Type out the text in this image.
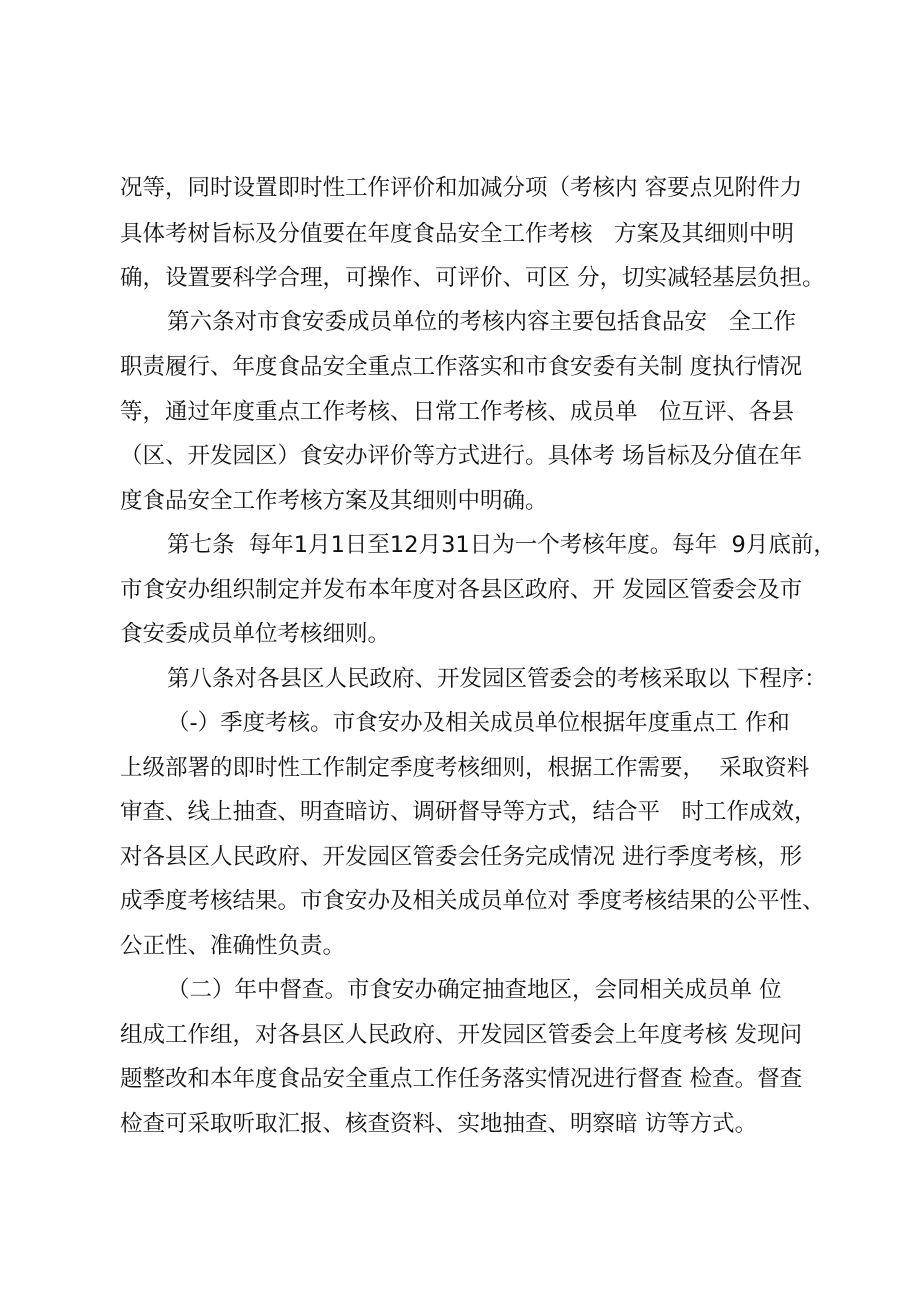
况等，同时设置即时性工作评价和加减分项（考核内 容要点见附件力
具体考树旨标及分值要在年度食品安全工作考核   方案及其细则中明
确，设置要科学合理，可操作、可评价、可区 分，切实减轻基层负担。
第六条对市食安委成员单位的考核内容主要包括食品安   全工作
职责履行、年度食品安全重点工作落实和市食安委有关制 度执行情况
等，通过年度重点工作考核、日常工作考核、成员单   位互评、各县
（区、开发园区）食安办评价等方式进行。具体考 场旨标及分值在年
度食品安全工作考核方案及其细则中明确。
第七条  每年1月1日至12月31日为一个考核年度。每年  9月底前，
市食安办组织制定并发布本年度对各县区政府、开 发园区管委会及市
食安委成员单位考核细则。
第八条对各县区人民政府、开发园区管委会的考核采取以 下程序：
（-）季度考核。市食安办及相关成员单位根据年度重点工 作和
上级部署的即时性工作制定季度考核细则，根据工作需要，  采取资料
审查、线上抽查、明查暗访、调研督导等方式，结合平   时工作成效，
对各县区人民政府、开发园区管委会任务完成情况 进行季度考核，形
成季度考核结果。市食安办及相关成员单位对 季度考核结果的公平性、
公正性、准确性负责。
（二）年中督查。市食安办确定抽查地区，会同相关成员单 位
组成工作组，对各县区人民政府、开发园区管委会上年度考核 发现问
题整改和本年度食品安全重点工作任务落实情况进行督查 检查。督查
检查可采取听取汇报、核查资料、实地抽查、明察暗 访等方式。
